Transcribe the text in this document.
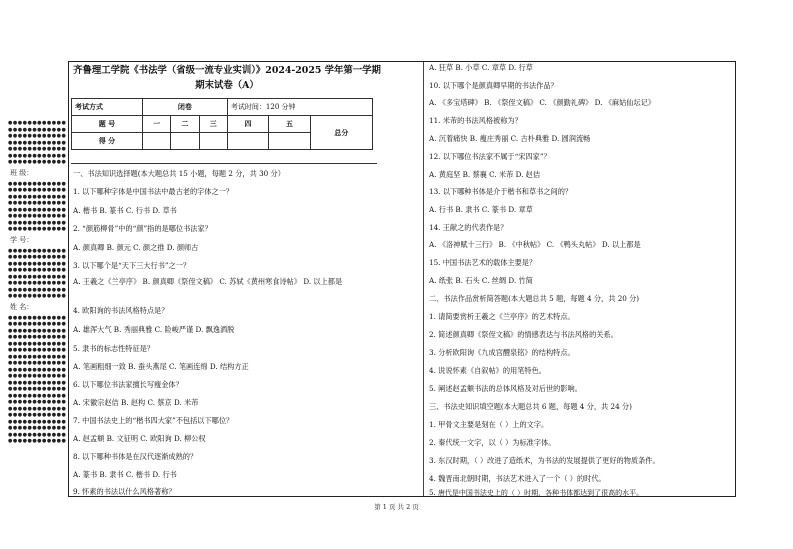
●●●●●●●●●●●●
●●●●●●●●●●●●
●●●●●●●●●●●●
●●●●●●●●●●●●
●●●●●●●●●●●●
●●●●●●●●●●●●
●●●●●●●●●●●●
班 级：
●●●●●●●●●●●●
●●●●●●●●●●●●
●●●●●●●●●●●●
●●●●●●●●●●●●
●●●●●●●●●●●●
●●●●●●●●●●●●
●●●●●●●●●●●●
●●●●●●●●●●●●
学 号：
●●●●●●●●●●●●
●●●●●●●●●●●●
●●●●●●●●●●●●
●●●●●●●●●●●●
●●●●●●●●●●●●
●●●●●●●●●●●●
●●●●●●●●●●●●
●●●●●●●●●●●●
姓 名：
●●●●●●●●●●●●
●●●●●●●●●●●●
●●●●●●●●●●●●
●●●●●●●●●●●●
●●●●●●●●●●●●
●●●●●●●●●●●●
●●●●●●●●●●●●
●●●●●●●●●●●●
●●●●●●●●●●●●
●●●●●●●●●●●●
●●●●●●●●●●●●
●●●●●●●●●●●●
●●●●●●●●●●●●
●●●●●●●●●●●●
●●●●●●●●●●●●
●●●●●●●●●●●●
●●●●●●●●●●●●
●●●●●●●●●●●●
●●●●●●●●●●●●
●●●●●●●●●●●●
齐鲁理工学院《书法学（省级一流专业实训）》2024-2025 学年第一学期期末试卷（A）
考试方式	闭卷			考试时间：120 分钟		
题 号	一	二	三	四	五	总分
得 分						
一、书法知识选择题(本大题总共 15 小题，每题 2 分，共 30 分）
1. 以下哪种字体是中国书法中最古老的字体之一？
A. 楷书 B. 篆书 C. 行书 D. 草书
2. “颜筋柳骨”中的“颜”指的是哪位书法家？
A. 颜真卿 B. 颜元 C. 颜之推 D. 颜师古
3. 以下哪个是“天下三大行书”之一？
A. 王羲之《兰亭序》 B. 颜真卿《祭侄文稿》 C. 苏轼《黄州寒食诗帖》 D. 以上都是
4. 欧阳询的书法风格特点是？
A. 雄浑大气 B. 秀丽典雅 C. 险峻严谨 D. 飘逸洒脱
5. 隶书的标志性特征是？
A. 笔画粗细一致 B. 蚕头燕尾 C. 笔画连绵 D. 结构方正
6. 以下哪位书法家擅长写瘦金体？
A. 宋徽宗赵佶 B. 赵构 C. 蔡京 D. 米芾
7. 中国书法史上的“楷书四大家”不包括以下哪位？
A. 赵孟頫 B. 文征明 C. 欧阳询 D. 柳公权
8. 以下哪种书体是在汉代逐渐成熟的？
A. 篆书 B. 隶书 C. 楷书 D. 行书
9. 怀素的书法以什么风格著称？
A. 狂草 B. 小草 C. 章草 D. 行草
10. 以下哪个是颜真卿早期的书法作品？
A. 《多宝塔碑》 B. 《祭侄文稿》 C. 《颜勤礼碑》 D. 《麻姑仙坛记》
11. 米芾的书法风格被称为？
A. 沉着痛快 B. 瘦庄秀丽 C. 古朴典雅 D. 圆润流畅
12. 以下哪位书法家不属于“宋四家”？
A. 黄庭坚 B. 蔡襄 C. 米芾 D. 赵佶
13. 以下哪种书体是介于楷书和草书之间的？
A. 行书 B. 隶书 C. 篆书 D. 章草
14. 王献之的代表作是？
A. 《洛神赋十三行》 B. 《中秋帖》 C. 《鸭头丸帖》 D. 以上都是
15. 中国书法艺术的载体主要是？
A. 纸张 B. 石头 C. 丝绸 D. 竹简
二、书法作品赏析简答题(本大题总共 5 题，每题 4 分，共 20 分)
1. 请简要赏析王羲之《兰亭序》的艺术特点。
2. 简述颜真卿《祭侄文稿》的情感表达与书法风格的关系。
3. 分析欧阳询《九成宫醴泉铭》的结构特点。
4. 说说怀素《自叙帖》的用笔特色。
5. 阐述赵孟頫书法的总体风格及对后世的影响。
三、书法史知识填空题(本大题总共 6 题，每题 4 分，共 24 分)
1. 甲骨文主要是刻在（ ）上的文字。
2. 秦代统一文字，以（ ）为标准字体。
3. 东汉时期，（ ）改进了造纸术，为书法的发展提供了更好的物质条件。
4. 魏晋南北朝时期，书法艺术进入了一个（ ）的时代。
5. 唐代是中国书法史上的（ ）时期，各种书体都达到了很高的水平。
第 1 页 共 2 页
